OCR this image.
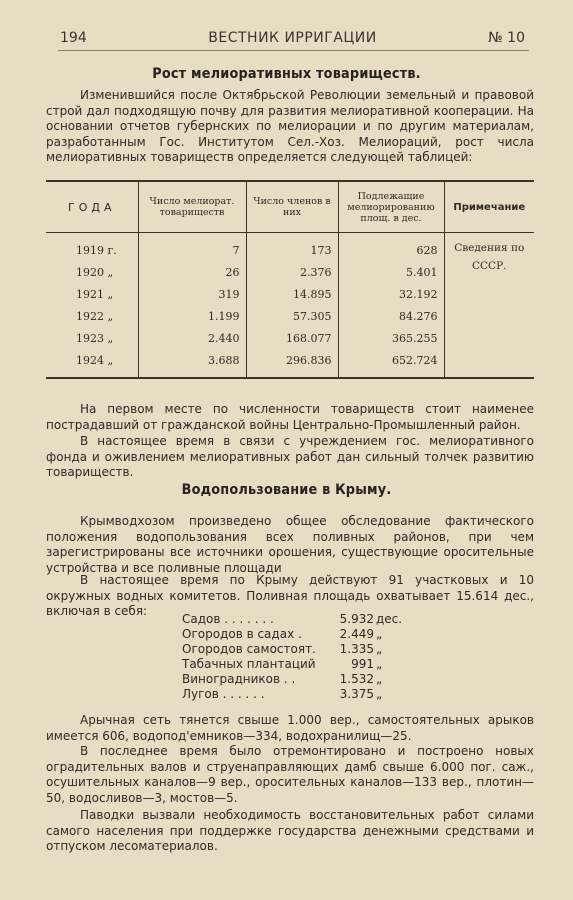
194	ВЕСТНИК ИРРИГАЦИИ	№ 10
Рост мелиоративных товариществ.

Изменившийся после Октябрьской Революции земельный и правовой строй дал подходящую почву для развития мелиоративной кооперации. На основании отчетов губернских по мелиорации и по другим материалам, разработанным Гос. Институтом Сел.-Хоз. Мелиораций, рост числа мелиоративных товариществ определяется следующей таблицей:

ГОДА	Число мелиорат. товариществ	Число членов в них	Подлежащие мелиорированию площ. в дес.	Примечание
1919 г.	7	173	628	Сведения по СССР.
1920 „	26	2.376	5.401	
1921 „	319	14.895	32.192	
1922 „	1.199	57.305	84.276	
1923 „	2.440	168.077	365.255	
1924 „	3.688	296.836	652.724	

На первом месте по численности товариществ стоит наименее пострадавший от гражданской войны Центрально-Промышленный район.

В настоящее время в связи с учреждением гос. мелиоративного фонда и оживлением мелиоративных работ дан сильный толчек развитию товариществ.

Водопользование в Крыму.

Крымводхозом произведено общее обследование фактического положения водопользования всех поливных районов, при чем зарегистрированы все источники орошения, существующие оросительные устройства и все поливные площади

В настоящее время по Крыму действуют 91 участковых и 10 окружных водных комитетов. Поливная площадь охватывает 15.614 дес., включая в себя:

Садов . . . . . . .	5.932 дес.
Огородов в садах .	2.449 „
Огородов самостоят. 1.335 „
Табачных плантаций	991 „
Виноградников . .	1.532 „
Лугов . . . . . .	3.375 „

Арычная сеть тянется свыше 1.000 вер., самостоятельных арыков имеется 606, водопод'емников—334, водохранилищ—25.

В последнее время было отремонтировано и построено новых оградительных валов и струенаправляющих дамб свыше 6.000 пог. саж., осушительных каналов—9 вер., оросительных каналов—133 вер., плотин—50, водосливов—3, мостов—5.

Паводки вызвали необходимость восстановительных работ силами самого населения при поддержке государства денежными средствами и отпуском лесоматериалов.
